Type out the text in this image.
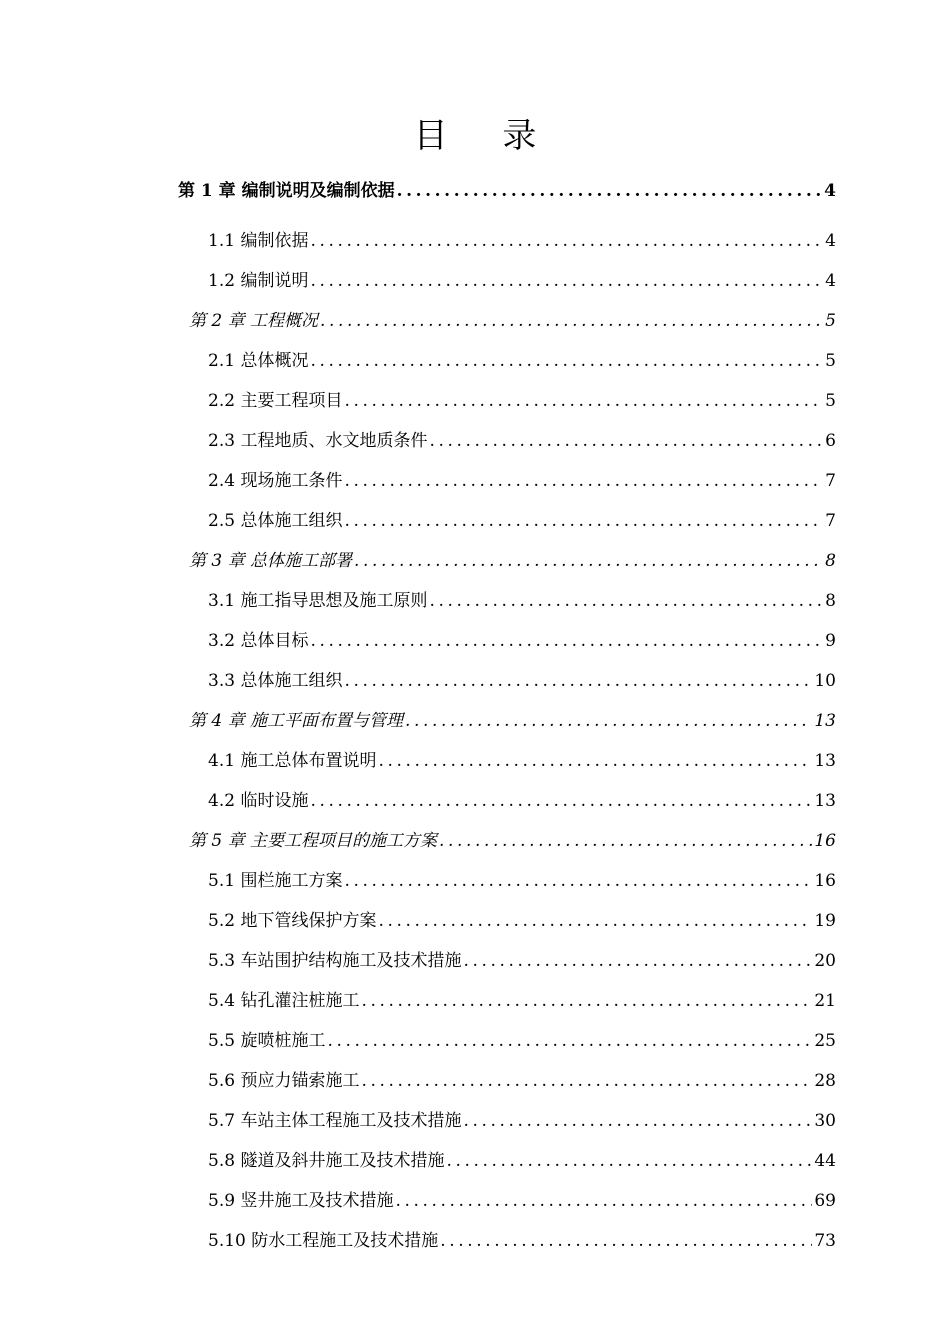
目 录
第 1 章 编制说明及编制依据 .....	4
1.1 编制依据 .....	4
1.2 编制说明 .....	4
第 2 章 工程概况 .....	5
2.1 总体概况 .....	5
2.2 主要工程项目 .....	5
2.3 工程地质、水文地质条件 .....	6
2.4 现场施工条件 .....	7
2.5 总体施工组织 .....	7
第 3 章 总体施工部署 .....	8
3.1 施工指导思想及施工原则 .....	8
3.2 总体目标 .....	9
3.3 总体施工组织 .....	10
第 4 章 施工平面布置与管理 .....	13
4.1 施工总体布置说明 .....	13
4.2 临时设施 .....	13
第 5 章 主要工程项目的施工方案 .....	16
5.1 围栏施工方案 .....	16
5.2 地下管线保护方案 .....	19
5.3 车站围护结构施工及技术措施 .....	20
5.4 钻孔灌注桩施工 .....	21
5.5 旋喷桩施工 .....	25
5.6 预应力锚索施工 .....	28
5.7 车站主体工程施工及技术措施 .....	30
5.8 隧道及斜井施工及技术措施 .....	44
5.9 竖井施工及技术措施 .....	69
5.10 防水工程施工及技术措施 .....	73
